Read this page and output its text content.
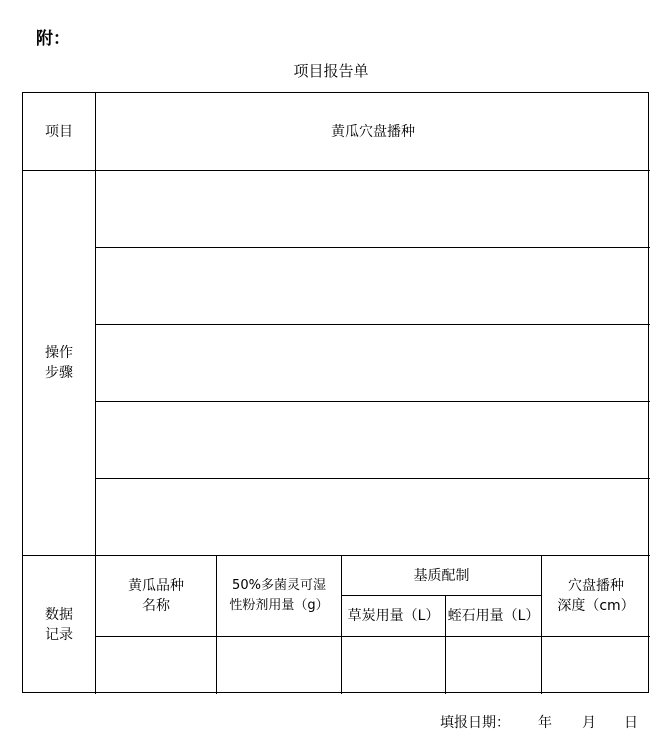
附：
项目报告单
项目	黄瓜穴盘播种
操作
步骤
数据
记录
黄瓜品种
名称
50%多菌灵可湿
性粉剂用量（g）
基质配制
草炭用量（L） 蛭石用量（L）
穴盘播种
深度（cm）
填报日期： 年 月 日
